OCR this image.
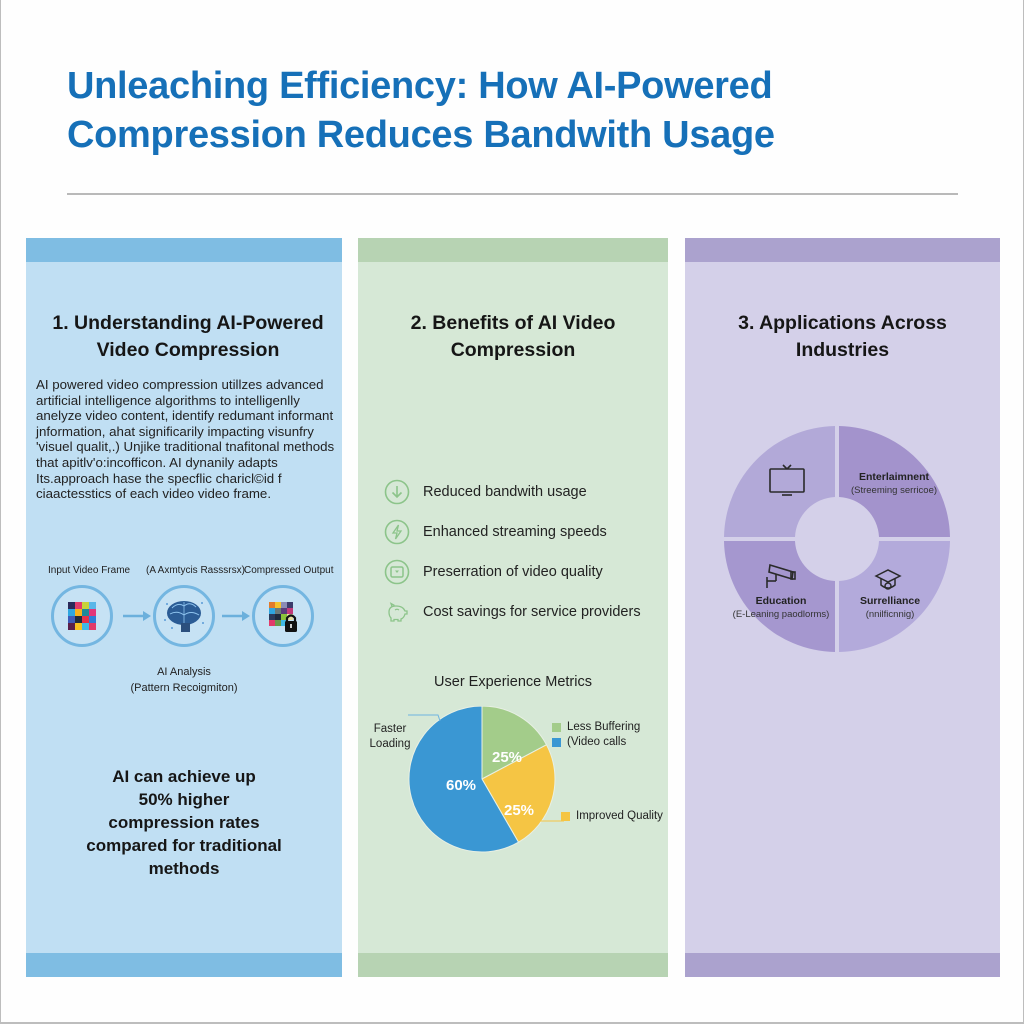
Unleaching Efficiency: How AI-Powered
Compression Reduces Bandwith Usage
1. Understanding AI-Powered
Video Compression
AI powered video compression utillzes advanced artificial intelligence algorithms to intelligenlly anelyze video content, identify redumant informant jnformation, ahat significarily impacting visunfry 'visuel qualit,.) Unjike traditional tnafitonal methods that apitlv'o:incofficon. AI dynanily adapts Its.approach hase the specflic charicl©id f ciaactesstics of each video video frame.
Input Video Frame (A Axmtycis Rasssrsx) Compressed Output
AI Analysis
(Pattern Recoigmiton)
AI can achieve up
50% higher
compression rates
compared for traditional
methods
2. Benefits of AI Video
Compression
Reduced bandwith usage
Enhanced streaming speeds
Preserration of video quality
Cost savings for service providers
User Experience Metrics
60%
25%
25%
Faster Loading
Less Buffering
(Video calls
Improved Quality
3. Applications Across
Industries
Enterlaimnent
(Streeming serricoe)
Education
(E-Leaning paodlorms)
Surrelliance
(nnilficnnig)
